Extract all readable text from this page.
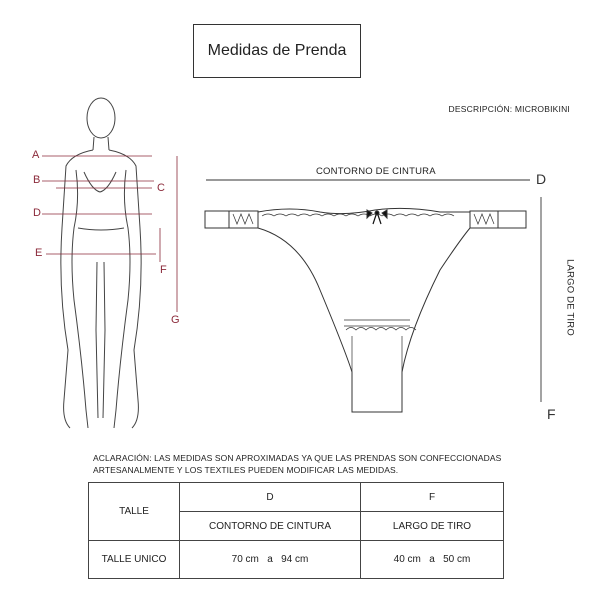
Medidas de Prenda
DESCRIPCIÓN: MICROBIKINI
A
B
C
D
E
F
G
CONTORNO DE CINTURA	D
LARGO DE TIRO
F
ACLARACIÓN: LAS MEDIDAS SON APROXIMADAS YA QUE LAS PRENDAS SON CONFECCIONADAS ARTESANALMENTE Y LOS TEXTILES PUEDEN MODIFICAR LAS MEDIDAS.
TALLE	D	F
	CONTORNO DE CINTURA	LARGO DE TIRO
TALLE UNICO	70 cm   a   94 cm	40 cm   a   50 cm
